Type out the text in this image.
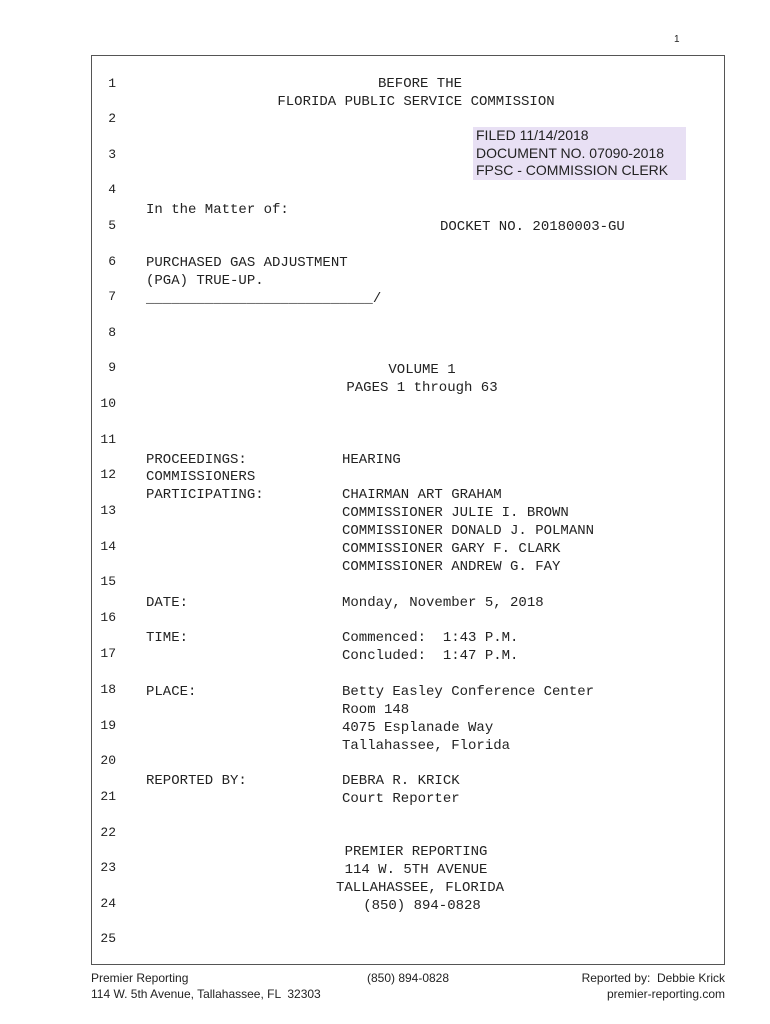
1
1
2
3
4
5
6
7
8
9
10
11
12
13
14
15
16
17
18
19
20
21
22
23
24
25
BEFORE THE
FLORIDA PUBLIC SERVICE COMMISSION
FILED 11/14/2018
DOCUMENT NO. 07090-2018
FPSC - COMMISSION CLERK
In the Matter of:
DOCKET NO. 20180003-GU
PURCHASED GAS ADJUSTMENT
(PGA) TRUE-UP.
___________________________/
VOLUME 1
PAGES 1 through 63
PROCEEDINGS:	HEARING
COMMISSIONERS
PARTICIPATING:	CHAIRMAN ART GRAHAM
COMMISSIONER JULIE I. BROWN
COMMISSIONER DONALD J. POLMANN
COMMISSIONER GARY F. CLARK
COMMISSIONER ANDREW G. FAY
DATE:	Monday, November 5, 2018
TIME:	Commenced:  1:43 P.M.
Concluded:  1:47 P.M.
PLACE:	Betty Easley Conference Center
Room 148
4075 Esplanade Way
Tallahassee, Florida
REPORTED BY:	DEBRA R. KRICK
Court Reporter
PREMIER REPORTING
114 W. 5TH AVENUE
TALLAHASSEE, FLORIDA
(850) 894-0828
Premier Reporting
114 W. 5th Avenue, Tallahassee, FL  32303
(850) 894-0828	Reported by:  Debbie Krick
premier-reporting.com
